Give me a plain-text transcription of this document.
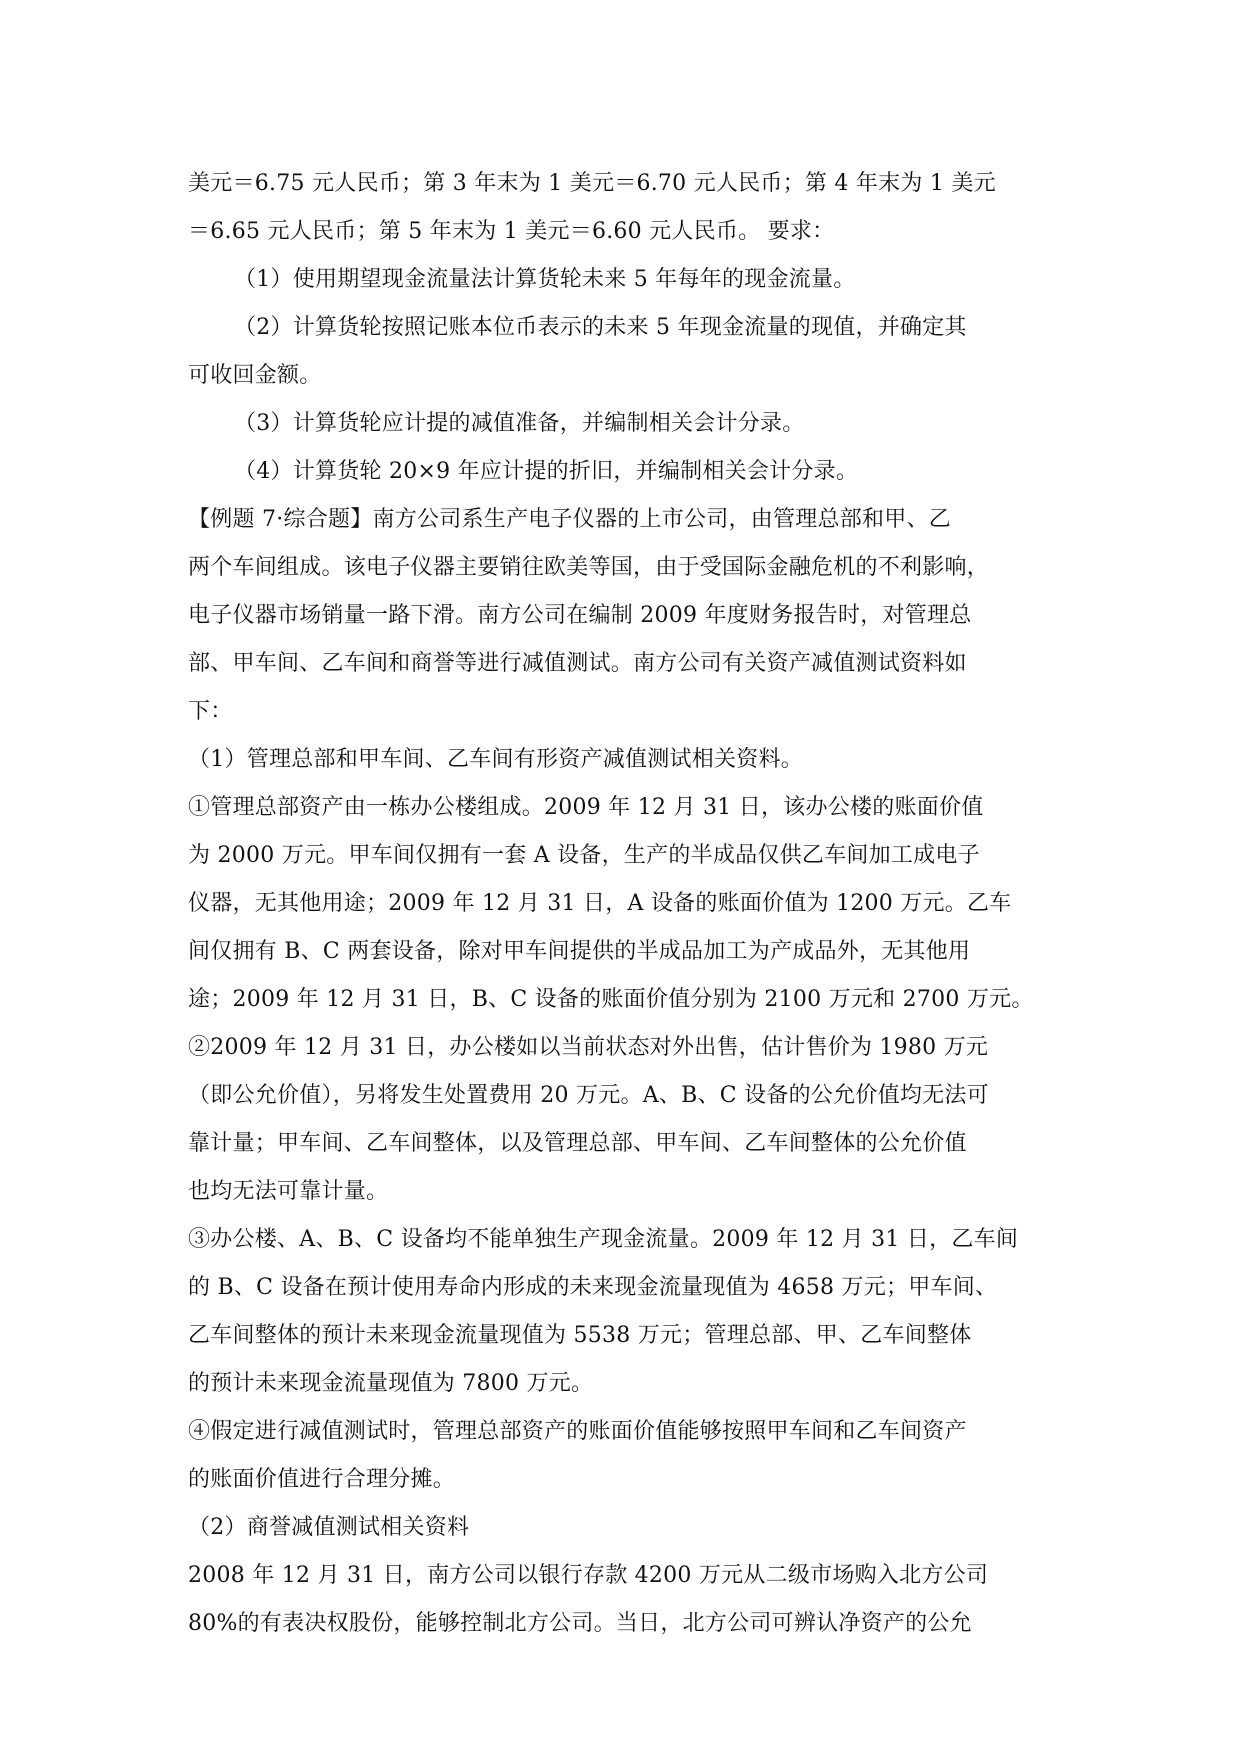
美元＝6.75 元人民币；第 3 年末为 1 美元＝6.70 元人民币；第 4 年末为 1 美元
＝6.65 元人民币；第 5 年末为 1 美元＝6.60 元人民币。 要求：
（1）使用期望现金流量法计算货轮未来 5 年每年的现金流量。
（2）计算货轮按照记账本位币表示的未来 5 年现金流量的现值，并确定其
可收回金额。
（3）计算货轮应计提的减值准备，并编制相关会计分录。
（4）计算货轮 20×9 年应计提的折旧，并编制相关会计分录。
【例题 7·综合题】南方公司系生产电子仪器的上市公司，由管理总部和甲、乙
两个车间组成。该电子仪器主要销往欧美等国，由于受国际金融危机的不利影响，
电子仪器市场销量一路下滑。南方公司在编制 2009 年度财务报告时，对管理总
部、甲车间、乙车间和商誉等进行减值测试。南方公司有关资产减值测试资料如
下：
（1）管理总部和甲车间、乙车间有形资产减值测试相关资料。
①管理总部资产由一栋办公楼组成。2009 年 12 月 31 日，该办公楼的账面价值
为 2000 万元。甲车间仅拥有一套 A 设备，生产的半成品仅供乙车间加工成电子
仪器，无其他用途；2009 年 12 月 31 日，A 设备的账面价值为 1200 万元。乙车
间仅拥有 B、C 两套设备，除对甲车间提供的半成品加工为产成品外，无其他用
途；2009 年 12 月 31 日，B、C 设备的账面价值分别为 2100 万元和 2700 万元。
②2009 年 12 月 31 日，办公楼如以当前状态对外出售，估计售价为 1980 万元
（即公允价值），另将发生处置费用 20 万元。A、B、C 设备的公允价值均无法可
靠计量；甲车间、乙车间整体，以及管理总部、甲车间、乙车间整体的公允价值
也均无法可靠计量。
③办公楼、A、B、C 设备均不能单独生产现金流量。2009 年 12 月 31 日，乙车间
的 B、C 设备在预计使用寿命内形成的未来现金流量现值为 4658 万元；甲车间、
乙车间整体的预计未来现金流量现值为 5538 万元；管理总部、甲、乙车间整体
的预计未来现金流量现值为 7800 万元。
④假定进行减值测试时，管理总部资产的账面价值能够按照甲车间和乙车间资产
的账面价值进行合理分摊。
（2）商誉减值测试相关资料
2008 年 12 月 31 日，南方公司以银行存款 4200 万元从二级市场购入北方公司
80%的有表决权股份，能够控制北方公司。当日，北方公司可辨认净资产的公允
